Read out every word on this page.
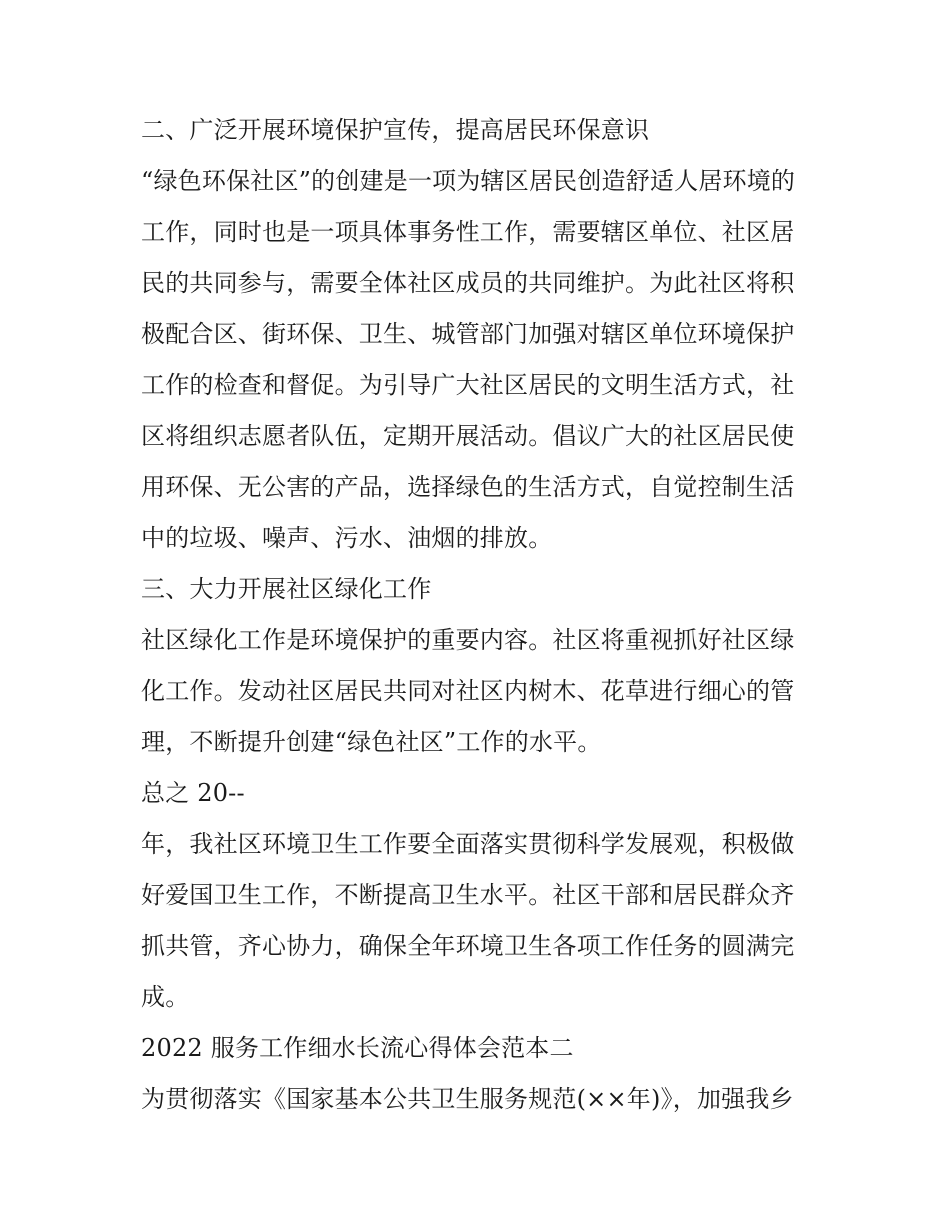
二、广泛开展环境保护宣传，提高居民环保意识
“绿色环保社区”的创建是一项为辖区居民创造舒适人居环境的
工作，同时也是一项具体事务性工作，需要辖区单位、社区居
民的共同参与，需要全体社区成员的共同维护。为此社区将积
极配合区、街环保、卫生、城管部门加强对辖区单位环境保护
工作的检查和督促。为引导广大社区居民的文明生活方式，社
区将组织志愿者队伍，定期开展活动。倡议广大的社区居民使
用环保、无公害的产品，选择绿色的生活方式，自觉控制生活
中的垃圾、噪声、污水、油烟的排放。
三、大力开展社区绿化工作
社区绿化工作是环境保护的重要内容。社区将重视抓好社区绿
化工作。发动社区居民共同对社区内树木、花草进行细心的管
理，不断提升创建“绿色社区”工作的水平。
总之 20--
年，我社区环境卫生工作要全面落实贯彻科学发展观，积极做
好爱国卫生工作，不断提高卫生水平。社区干部和居民群众齐
抓共管，齐心协力，确保全年环境卫生各项工作任务的圆满完
成。
2022 服务工作细水长流心得体会范本二
为贯彻落实《国家基本公共卫生服务规范(××年)》，加强我乡
